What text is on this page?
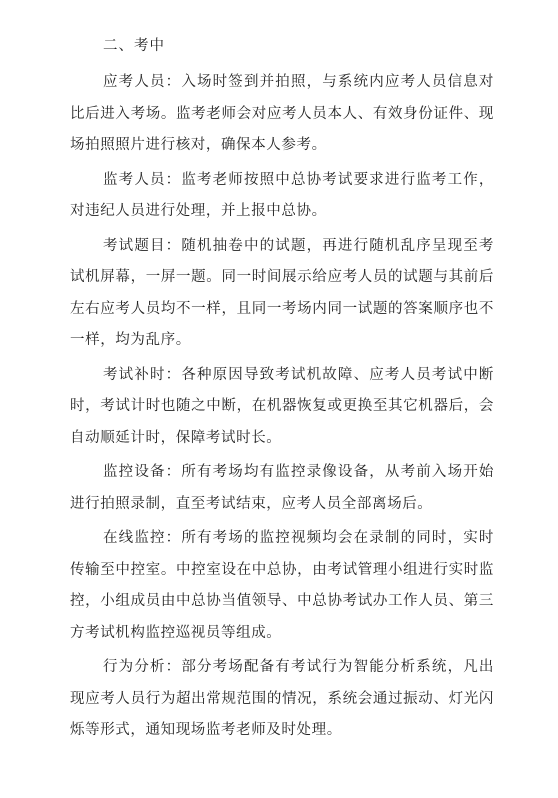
二、考中

应考人员：入场时签到并拍照，与系统内应考人员信息对比后进入考场。监考老师会对应考人员本人、有效身份证件、现场拍照照片进行核对，确保本人参考。

监考人员：监考老师按照中总协考试要求进行监考工作，对违纪人员进行处理，并上报中总协。

考试题目：随机抽卷中的试题，再进行随机乱序呈现至考试机屏幕，一屏一题。同一时间展示给应考人员的试题与其前后左右应考人员均不一样，且同一考场内同一试题的答案顺序也不一样，均为乱序。

考试补时：各种原因导致考试机故障、应考人员考试中断时，考试计时也随之中断，在机器恢复或更换至其它机器后，会自动顺延计时，保障考试时长。

监控设备：所有考场均有监控录像设备，从考前入场开始进行拍照录制，直至考试结束，应考人员全部离场后。

在线监控：所有考场的监控视频均会在录制的同时，实时传输至中控室。中控室设在中总协，由考试管理小组进行实时监控，小组成员由中总协当值领导、中总协考试办工作人员、第三方考试机构监控巡视员等组成。

行为分析：部分考场配备有考试行为智能分析系统，凡出现应考人员行为超出常规范围的情况，系统会通过振动、灯光闪烁等形式，通知现场监考老师及时处理。
